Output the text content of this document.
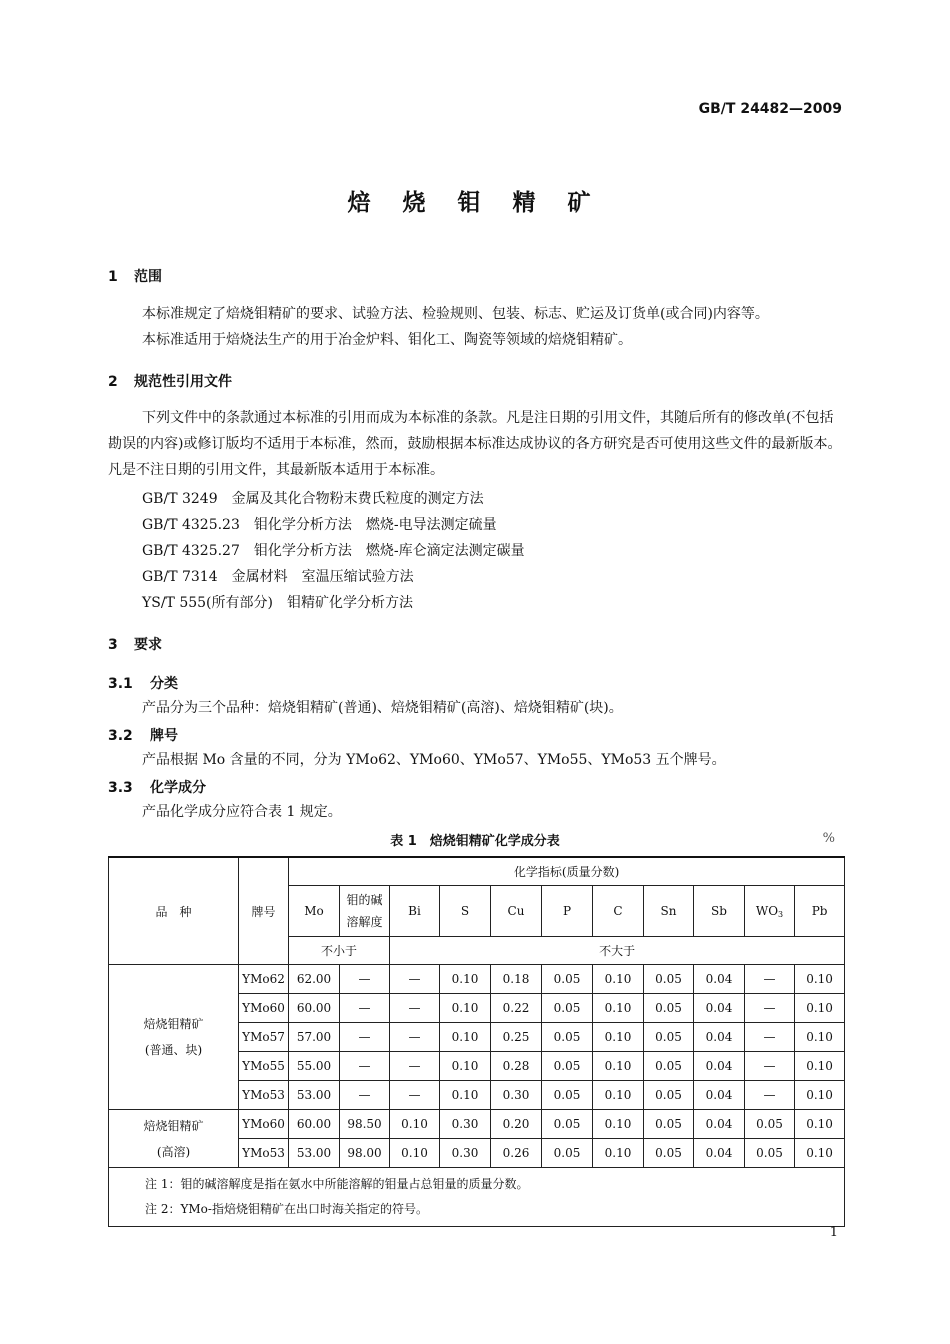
GB/T 24482—2009
焙 烧 钼 精 矿
1 范围
本标准规定了焙烧钼精矿的要求、试验方法、检验规则、包装、标志、贮运及订货单(或合同)内容等。
本标准适用于焙烧法生产的用于冶金炉料、钼化工、陶瓷等领域的焙烧钼精矿。
2 规范性引用文件
下列文件中的条款通过本标准的引用而成为本标准的条款。凡是注日期的引用文件，其随后所有的修改单(不包括勘误的内容)或修订版均不适用于本标准，然而，鼓励根据本标准达成协议的各方研究是否可使用这些文件的最新版本。凡是不注日期的引用文件，其最新版本适用于本标准。
GB/T 3249　金属及其化合物粉末费氏粒度的测定方法
GB/T 4325.23　钼化学分析方法　燃烧-电导法测定硫量
GB/T 4325.27　钼化学分析方法　燃烧-库仑滴定法测定碳量
GB/T 7314　金属材料　室温压缩试验方法
YS/T 555(所有部分)　钼精矿化学分析方法
3 要求
3.1 分类
产品分为三个品种：焙烧钼精矿(普通)、焙烧钼精矿(高溶)、焙烧钼精矿(块)。
3.2 牌号
产品根据 Mo 含量的不同，分为 YMo62、YMo60、YMo57、YMo55、YMo53 五个牌号。
3.3 化学成分
产品化学成分应符合表 1 规定。
表 1　焙烧钼精矿化学成分表	%
品　种	牌号	化学指标(质量分数)										
		Mo	钼的碱溶解度	Bi	S	Cu	P	C	Sn	Sb	$WO_3$	Pb
		不小于		不大于								

焙烧钼精矿
(普通、块)	YMo62	62.00	—	—	0.10	0.18	0.05	0.10	0.05	0.04	—	0.10
	YMo60	60.00	—	—	0.10	0.22	0.05	0.10	0.05	0.04	—	0.10
	YMo57	57.00	—	—	0.10	0.25	0.05	0.10	0.05	0.04	—	0.10
	YMo55	55.00	—	—	0.10	0.28	0.05	0.10	0.05	0.04	—	0.10
	YMo53	53.00	—	—	0.10	0.30	0.05	0.10	0.05	0.04	—	0.10

焙烧钼精矿
(高溶)	YMo60	60.00	98.50	0.10	0.30	0.20	0.05	0.10	0.05	0.04	0.05	0.10
	YMo53	53.00	98.00	0.10	0.30	0.26	0.05	0.10	0.05	0.04	0.05	0.10

注 1：钼的碱溶解度是指在氨水中所能溶解的钼量占总钼量的质量分数。
注 2：YMo-指焙烧钼精矿在出口时海关指定的符号。												
1
